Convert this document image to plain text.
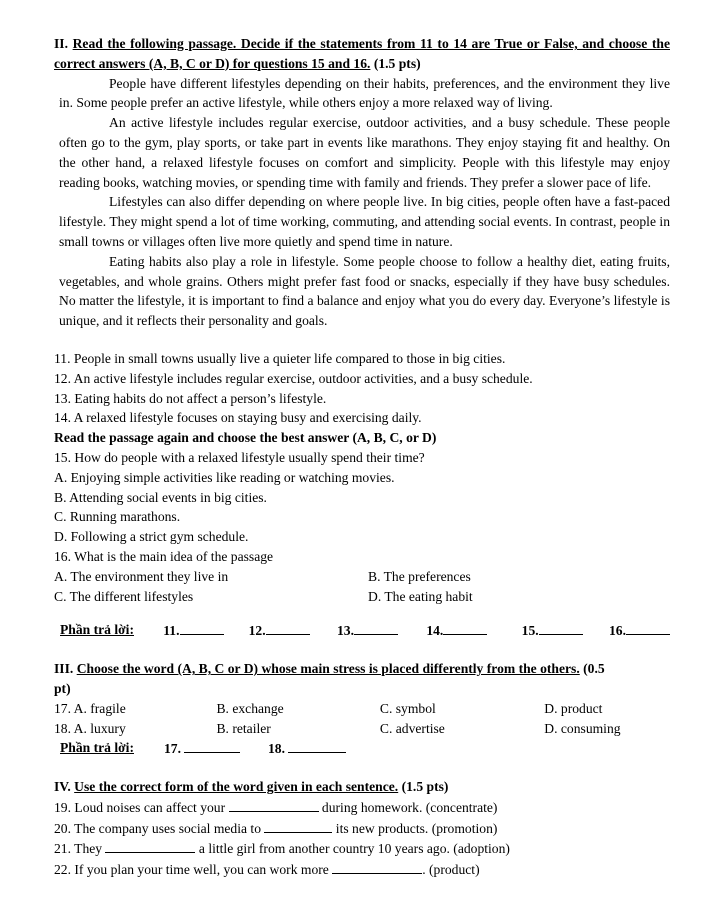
II. Read the following passage. Decide if the statements from 11 to 14 are True or False, and choose the correct answers (A, B, C or D) for questions 15 and 16. (1.5 pts)
People have different lifestyles depending on their habits, preferences, and the environment they live in. Some people prefer an active lifestyle, while others enjoy a more relaxed way of living.
An active lifestyle includes regular exercise, outdoor activities, and a busy schedule. These people often go to the gym, play sports, or take part in events like marathons. They enjoy staying fit and healthy. On the other hand, a relaxed lifestyle focuses on comfort and simplicity. People with this lifestyle may enjoy reading books, watching movies, or spending time with family and friends. They prefer a slower pace of life.
Lifestyles can also differ depending on where people live. In big cities, people often have a fast-paced lifestyle. They might spend a lot of time working, commuting, and attending social events. In contrast, people in small towns or villages often live more quietly and spend time in nature.
Eating habits also play a role in lifestyle. Some people choose to follow a healthy diet, eating fruits, vegetables, and whole grains. Others might prefer fast food or snacks, especially if they have busy schedules. No matter the lifestyle, it is important to find a balance and enjoy what you do every day. Everyone’s lifestyle is unique, and it reflects their personality and goals.
11. People in small towns usually live a quieter life compared to those in big cities.
12. An active lifestyle includes regular exercise, outdoor activities, and a busy schedule.
13. Eating habits do not affect a person’s lifestyle.
14. A relaxed lifestyle focuses on staying busy and exercising daily.
Read the passage again and choose the best answer (A, B, C, or D)
15. How do people with a relaxed lifestyle usually spend their time?
A. Enjoying simple activities like reading or watching movies.
B. Attending social events in big cities.
C. Running marathons.
D. Following a strict gym schedule.
16. What is the main idea of the passage
A. The environment they live in	B. The preferences
C. The different lifestyles	D. The eating habit
Phần trả lời:	11.	12.	13.	14.	15.	16.
III. Choose the word (A, B, C or D) whose main stress is placed differently from the others. (0.5
pt)
17. A. fragile	B. exchange	C. symbol	D. product
18. A. luxury	B. retailer	C. advertise	D. consuming
Phần trả lời:	17.	18.
IV. Use the correct form of the word given in each sentence. (1.5 pts)
19. Loud noises can affect your	during homework. (concentrate)
20. The company uses social media to	its new products. (promotion)
21. They	a little girl from another country 10 years ago. (adoption)
22. If you plan your time well, you can work more	. (product)
